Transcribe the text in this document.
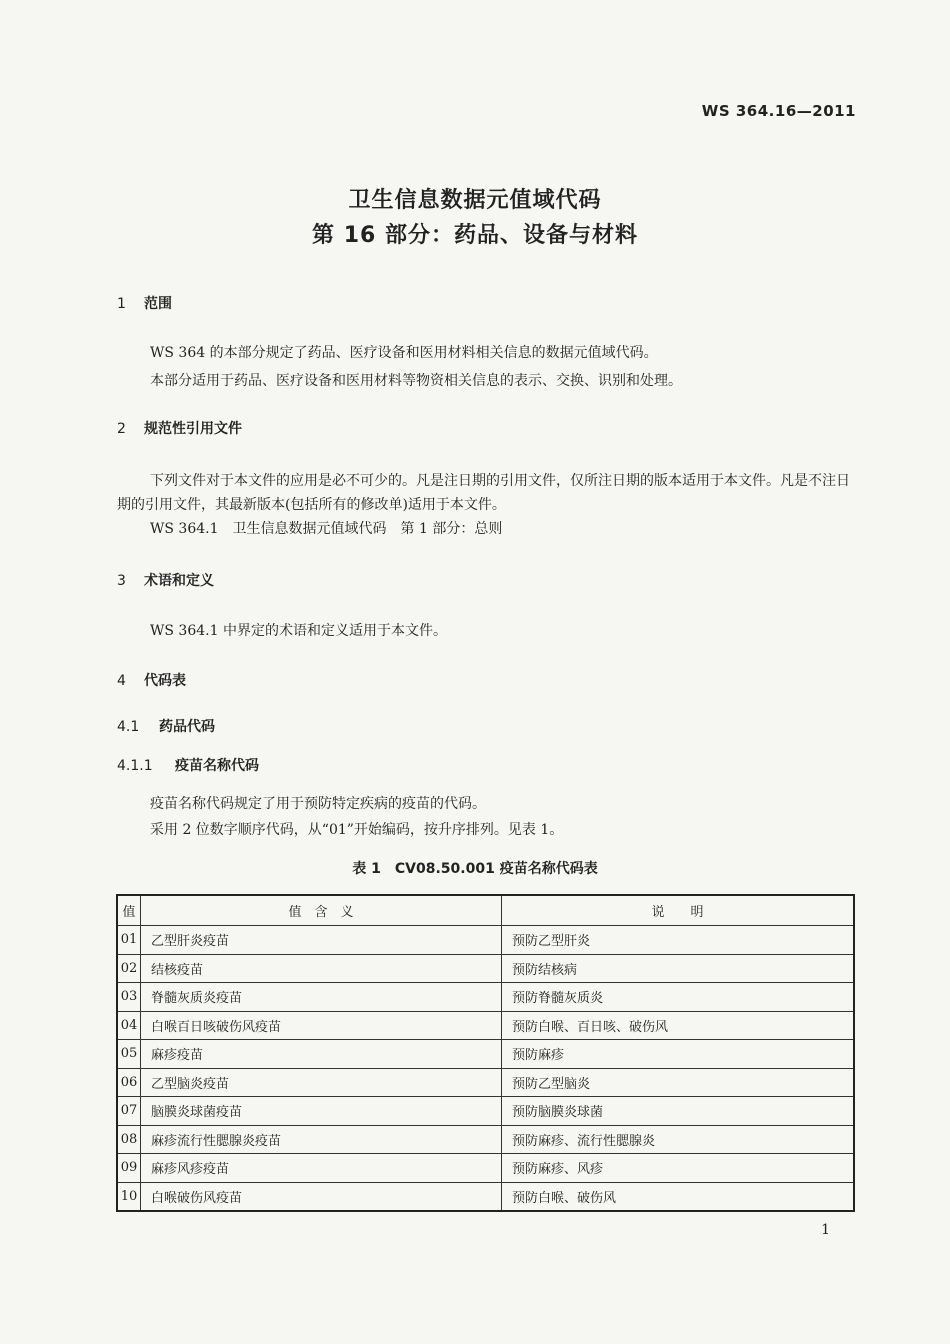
WS 364.16—2011
卫生信息数据元值域代码
第 16 部分：药品、设备与材料
1 范围
WS 364 的本部分规定了药品、医疗设备和医用材料相关信息的数据元值域代码。
本部分适用于药品、医疗设备和医用材料等物资相关信息的表示、交换、识别和处理。
2 规范性引用文件
下列文件对于本文件的应用是必不可少的。凡是注日期的引用文件，仅所注日期的版本适用于本文件。凡是不注日期的引用文件，其最新版本(包括所有的修改单)适用于本文件。
WS 364.1　卫生信息数据元值域代码　第 1 部分：总则
3 术语和定义
WS 364.1 中界定的术语和定义适用于本文件。
4 代码表
4.1 药品代码
4.1.1 疫苗名称代码
疫苗名称代码规定了用于预防特定疾病的疫苗的代码。
采用 2 位数字顺序代码，从“01”开始编码，按升序排列。见表 1。
表 1　CV08.50.001 疫苗名称代码表
值	值　含　义	说　　明
01	乙型肝炎疫苗	预防乙型肝炎
02	结核疫苗	预防结核病
03	脊髓灰质炎疫苗	预防脊髓灰质炎
04	白喉百日咳破伤风疫苗	预防白喉、百日咳、破伤风
05	麻疹疫苗	预防麻疹
06	乙型脑炎疫苗	预防乙型脑炎
07	脑膜炎球菌疫苗	预防脑膜炎球菌
08	麻疹流行性腮腺炎疫苗	预防麻疹、流行性腮腺炎
09	麻疹风疹疫苗	预防麻疹、风疹
10	白喉破伤风疫苗	预防白喉、破伤风
1
